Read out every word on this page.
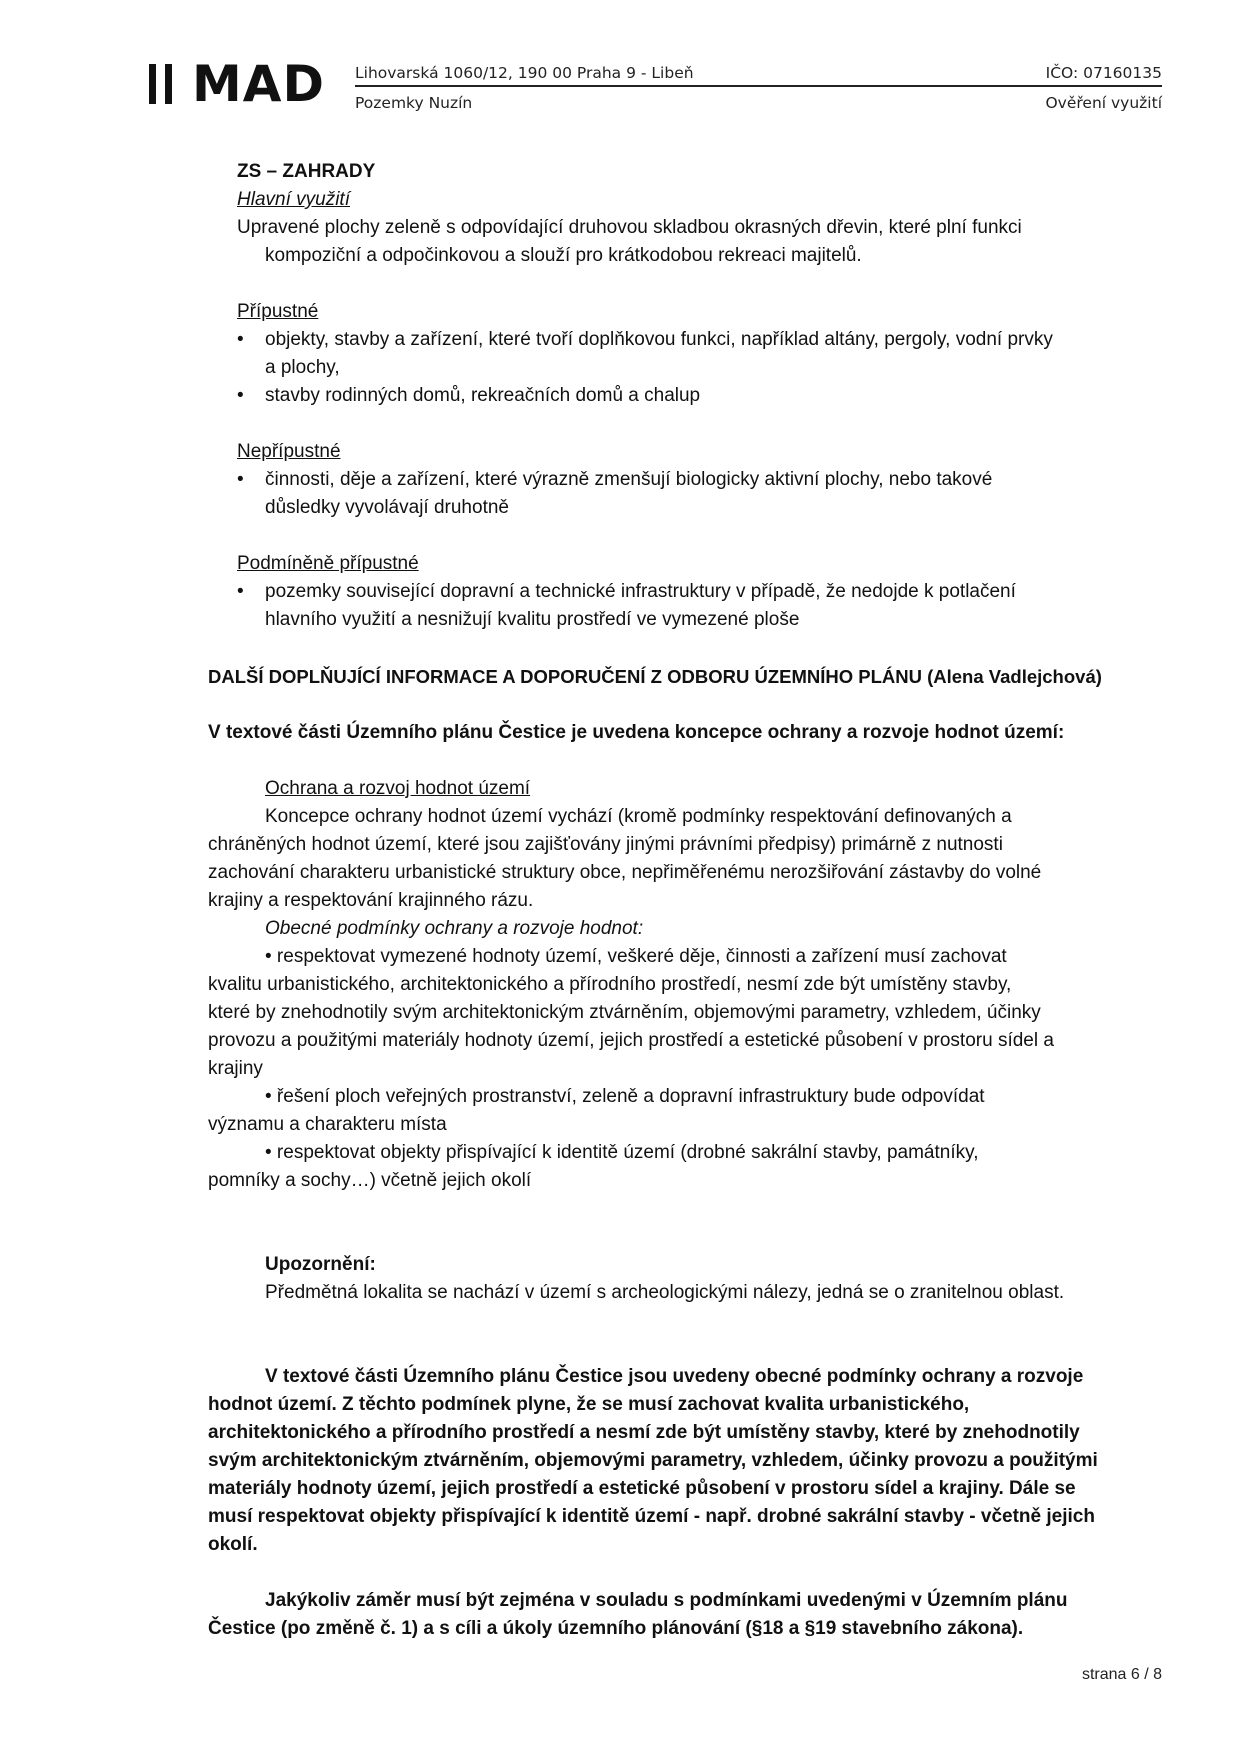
MAD Lihovarská 1060/12, 190 00 Praha 9 - Libeň	IČO: 07160135
Pozemky Nuzín	Ověření využití
ZS – ZAHRADY
Hlavní využití
Upravené plochy zeleně s odpovídající druhovou skladbou okrasných dřevin, které plní funkci
kompoziční a odpočinkovou a slouží pro krátkodobou rekreaci majitelů.
Přípustné
• objekty, stavby a zařízení, které tvoří doplňkovou funkci, například altány, pergoly, vodní prvky
a plochy,
• stavby rodinných domů, rekreačních domů a chalup
Nepřípustné
• činnosti, děje a zařízení, které výrazně zmenšují biologicky aktivní plochy, nebo takové
důsledky vyvolávají druhotně
Podmíněně přípustné
• pozemky související dopravní a technické infrastruktury v případě, že nedojde k potlačení
hlavního využití a nesnižují kvalitu prostředí ve vymezené ploše
DALŠÍ DOPLŇUJÍCÍ INFORMACE A DOPORUČENÍ Z ODBORU ÚZEMNÍHO PLÁNU (Alena Vadlejchová)
V textové části Územního plánu Čestice je uvedena koncepce ochrany a rozvoje hodnot území:
Ochrana a rozvoj hodnot území
Koncepce ochrany hodnot území vychází (kromě podmínky respektování definovaných a
chráněných hodnot území, které jsou zajišťovány jinými právními předpisy) primárně z nutnosti
zachování charakteru urbanistické struktury obce, nepřiměřenému nerozšiřování zástavby do volné
krajiny a respektování krajinného rázu.
Obecné podmínky ochrany a rozvoje hodnot:
• respektovat vymezené hodnoty území, veškeré děje, činnosti a zařízení musí zachovat
kvalitu urbanistického, architektonického a přírodního prostředí, nesmí zde být umístěny stavby,
které by znehodnotily svým architektonickým ztvárněním, objemovými parametry, vzhledem, účinky
provozu a použitými materiály hodnoty území, jejich prostředí a estetické působení v prostoru sídel a
krajiny
• řešení ploch veřejných prostranství, zeleně a dopravní infrastruktury bude odpovídat
významu a charakteru místa
• respektovat objekty přispívající k identitě území (drobné sakrální stavby, památníky,
pomníky a sochy…) včetně jejich okolí
Upozornění:
Předmětná lokalita se nachází v území s archeologickými nálezy, jedná se o zranitelnou oblast.
V textové části Územního plánu Čestice jsou uvedeny obecné podmínky ochrany a rozvoje
hodnot území. Z těchto podmínek plyne, že se musí zachovat kvalita urbanistického,
architektonického a přírodního prostředí a nesmí zde být umístěny stavby, které by znehodnotily
svým architektonickým ztvárněním, objemovými parametry, vzhledem, účinky provozu a použitými
materiály hodnoty území, jejich prostředí a estetické působení v prostoru sídel a krajiny. Dále se
musí respektovat objekty přispívající k identitě území - např. drobné sakrální stavby - včetně jejich
okolí.
Jakýkoliv záměr musí být zejména v souladu s podmínkami uvedenými v Územním plánu
Čestice (po změně č. 1) a s cíli a úkoly územního plánování (§18 a §19 stavebního zákona).
strana 6 / 8
